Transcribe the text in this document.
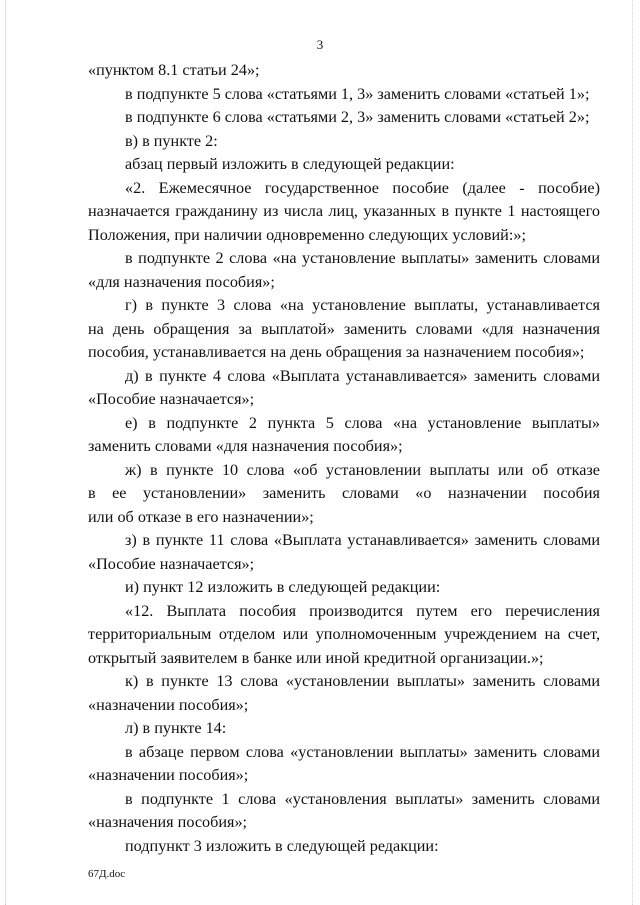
3

«пунктом 8.1 статьи 24»;

в подпункте 5 слова «статьями 1, 3» заменить словами «статьей 1»;

в подпункте 6 слова «статьями 2, 3» заменить словами «статьей 2»;

в) в пункте 2:

абзац первый изложить в следующей редакции:

«2. Ежемесячное государственное пособие (далее - пособие)

назначается гражданину из числа лиц, указанных в пункте 1 настоящего

Положения, при наличии одновременно следующих условий:»;

в подпункте 2 слова «на установление выплаты» заменить словами

«для назначения пособия»;

г) в пункте 3 слова «на установление выплаты, устанавливается

на день обращения за выплатой» заменить словами «для назначения

пособия, устанавливается на день обращения за назначением пособия»;

д) в пункте 4 слова «Выплата устанавливается» заменить словами

«Пособие назначается»;

е) в подпункте 2 пункта 5 слова «на установление выплаты»

заменить словами «для назначения пособия»;

ж) в пункте 10 слова «об установлении выплаты или об отказе

в ее установлении» заменить словами «о назначении пособия

или об отказе в его назначении»;

з) в пункте 11 слова «Выплата устанавливается» заменить словами

«Пособие назначается»;

и) пункт 12 изложить в следующей редакции:

«12. Выплата пособия производится путем его перечисления

территориальным отделом или уполномоченным учреждением на счет,

открытый заявителем в банке или иной кредитной организации.»;

к) в пункте 13 слова «установлении выплаты» заменить словами

«назначении пособия»;

л) в пункте 14:

в абзаце первом слова «установлении выплаты» заменить словами

«назначении пособия»;

в подпункте 1 слова «установления выплаты» заменить словами

«назначения пособия»;

подпункт 3 изложить в следующей редакции:

67Д.doc
